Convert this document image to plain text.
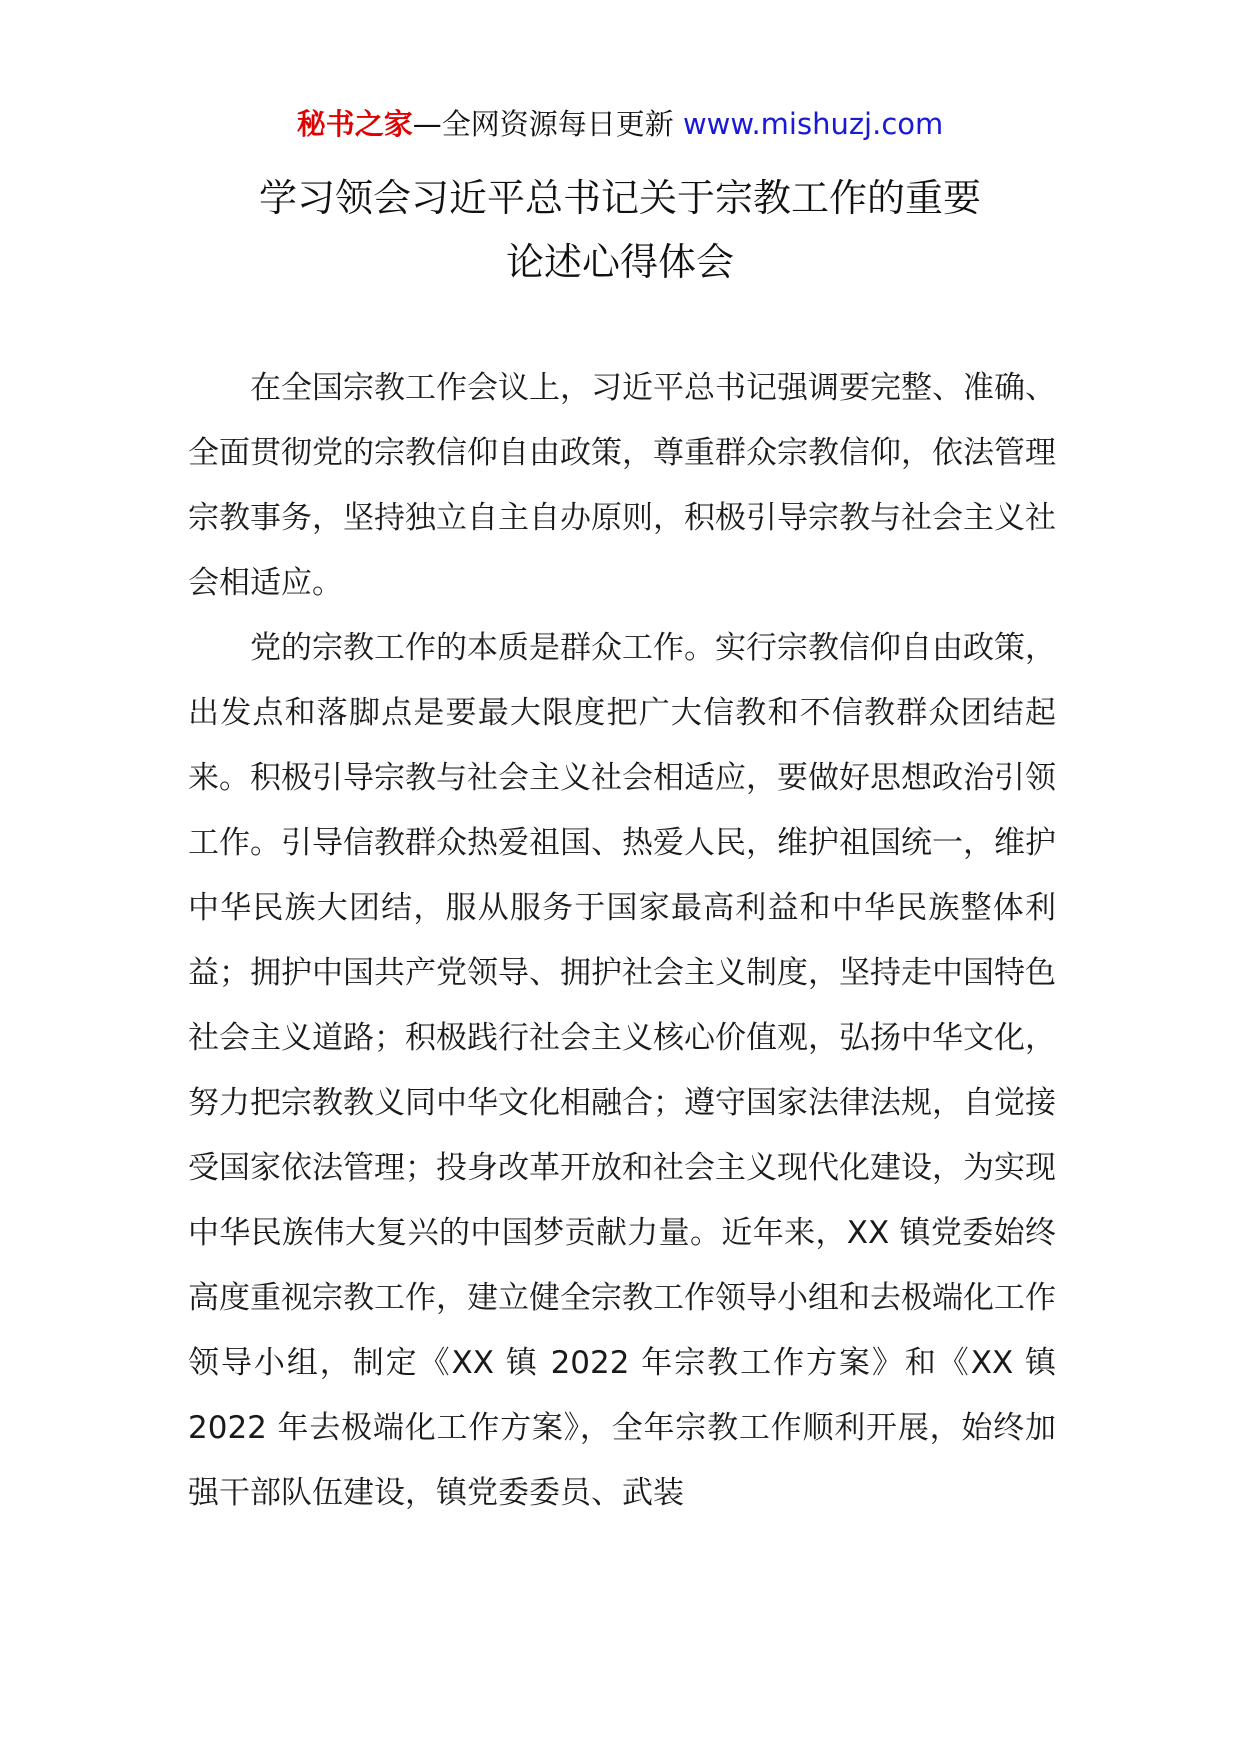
秘书之家—全网资源每日更新 www.mishuzj.com
学习领会习近平总书记关于宗教工作的重要
论述心得体会

在全国宗教工作会议上，习近平总书记强调要完整、准确、全面贯彻党的宗教信仰自由政策，尊重群众宗教信仰，依法管理宗教事务，坚持独立自主自办原则，积极引导宗教与社会主义社会相适应。

党的宗教工作的本质是群众工作。实行宗教信仰自由政策，出发点和落脚点是要最大限度把广大信教和不信教群众团结起来。积极引导宗教与社会主义社会相适应，要做好思想政治引领工作。引导信教群众热爱祖国、热爱人民，维护祖国统一，维护中华民族大团结，服从服务于国家最高利益和中华民族整体利益；拥护中国共产党领导、拥护社会主义制度，坚持走中国特色社会主义道路；积极践行社会主义核心价值观，弘扬中华文化，努力把宗教教义同中华文化相融合；遵守国家法律法规，自觉接受国家依法管理；投身改革开放和社会主义现代化建设，为实现中华民族伟大复兴的中国梦贡献力量。近年来，XX 镇党委始终高度重视宗教工作，建立健全宗教工作领导小组和去极端化工作领导小组，制定《XX 镇 2022 年宗教工作方案》和《XX 镇 2022 年去极端化工作方案》，全年宗教工作顺利开展，始终加强干部队伍建设，镇党委委员、武装
